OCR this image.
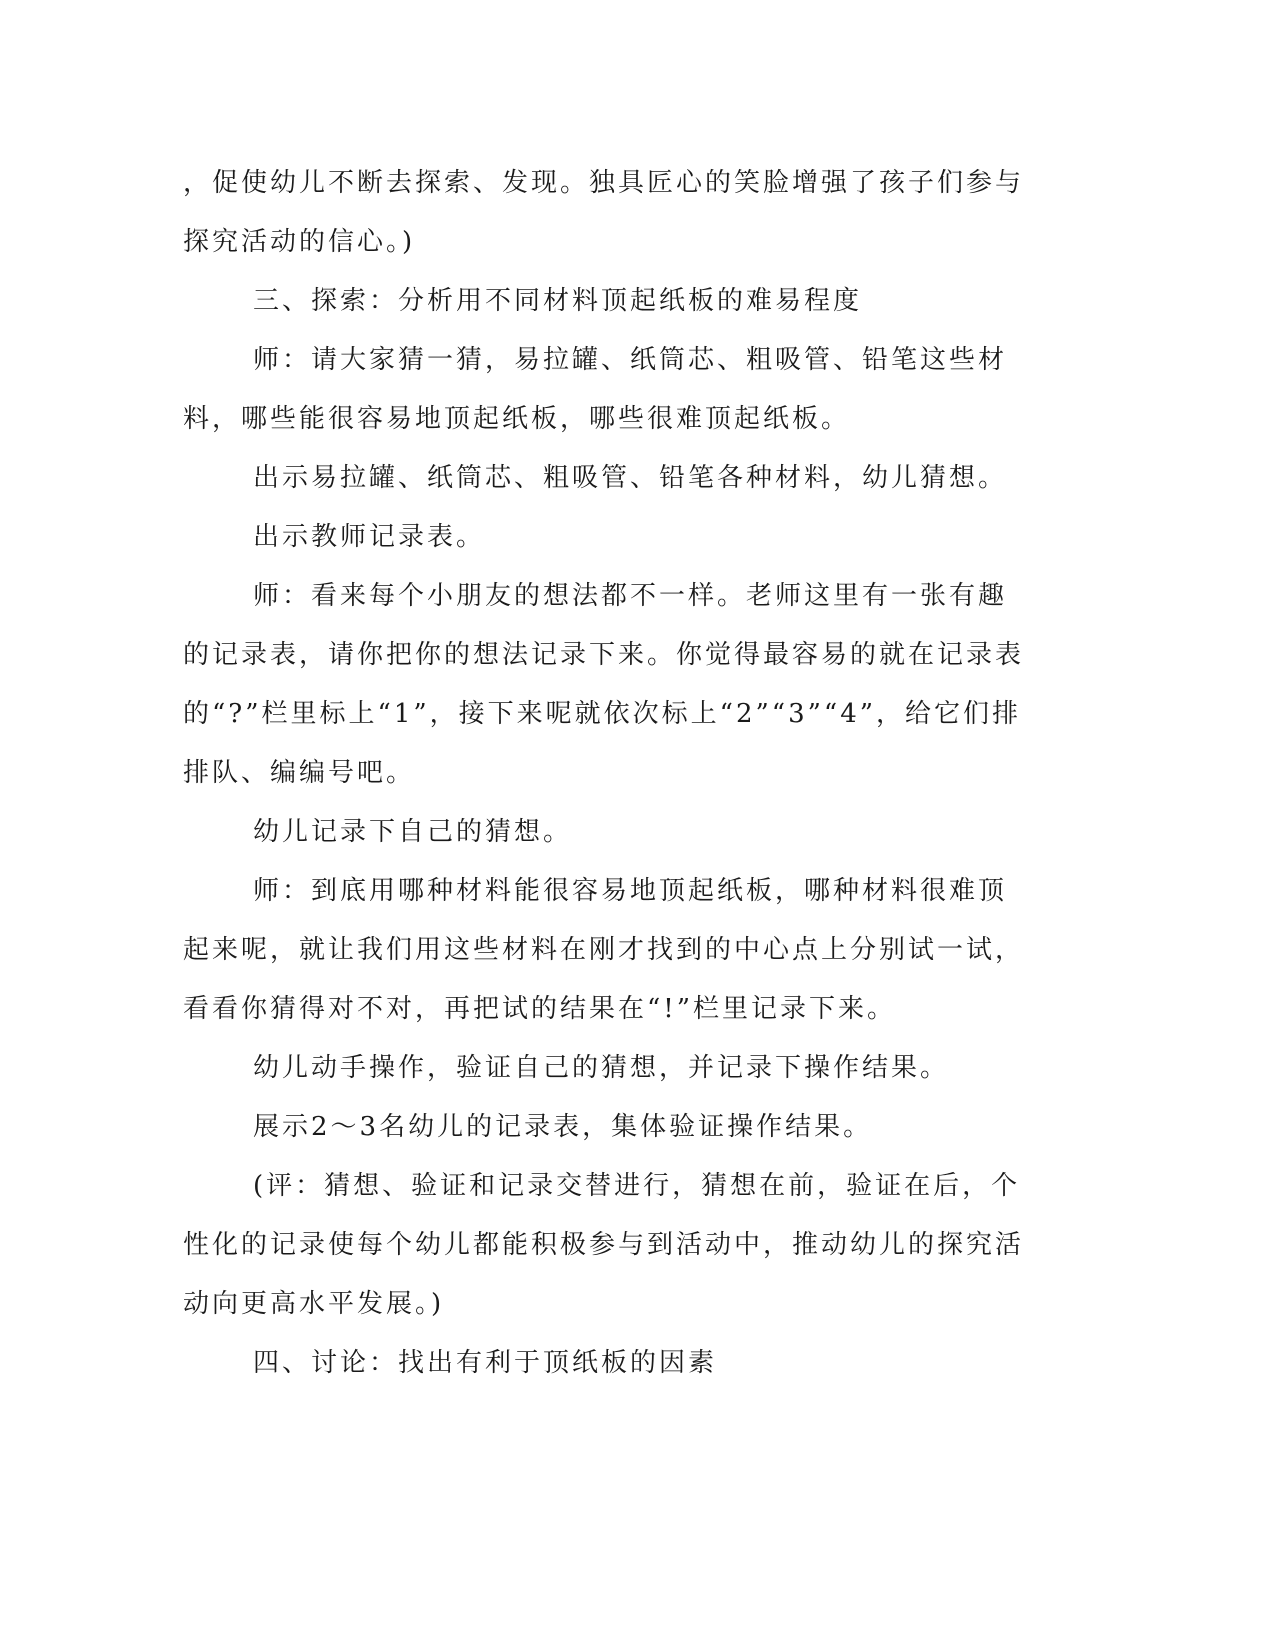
，促使幼儿不断去探索、发现。独具匠心的笑脸增强了孩子们参与探究活动的信心。)

三、探索：分析用不同材料顶起纸板的难易程度

师：请大家猜一猜，易拉罐、纸筒芯、粗吸管、铅笔这些材料，哪些能很容易地顶起纸板，哪些很难顶起纸板。

出示易拉罐、纸筒芯、粗吸管、铅笔各种材料，幼儿猜想。

出示教师记录表。

师：看来每个小朋友的想法都不一样。老师这里有一张有趣的记录表，请你把你的想法记录下来。你觉得最容易的就在记录表的“?”栏里标上“1”，接下来呢就依次标上“2”“3”“4”，给它们排排队、编编号吧。

幼儿记录下自己的猜想。

师：到底用哪种材料能很容易地顶起纸板，哪种材料很难顶起来呢，就让我们用这些材料在刚才找到的中心点上分别试一试，看看你猜得对不对，再把试的结果在“!”栏里记录下来。

幼儿动手操作，验证自己的猜想，并记录下操作结果。

展示2～3名幼儿的记录表，集体验证操作结果。

(评：猜想、验证和记录交替进行，猜想在前，验证在后，个性化的记录使每个幼儿都能积极参与到活动中，推动幼儿的探究活动向更高水平发展。)

四、讨论：找出有利于顶纸板的因素
